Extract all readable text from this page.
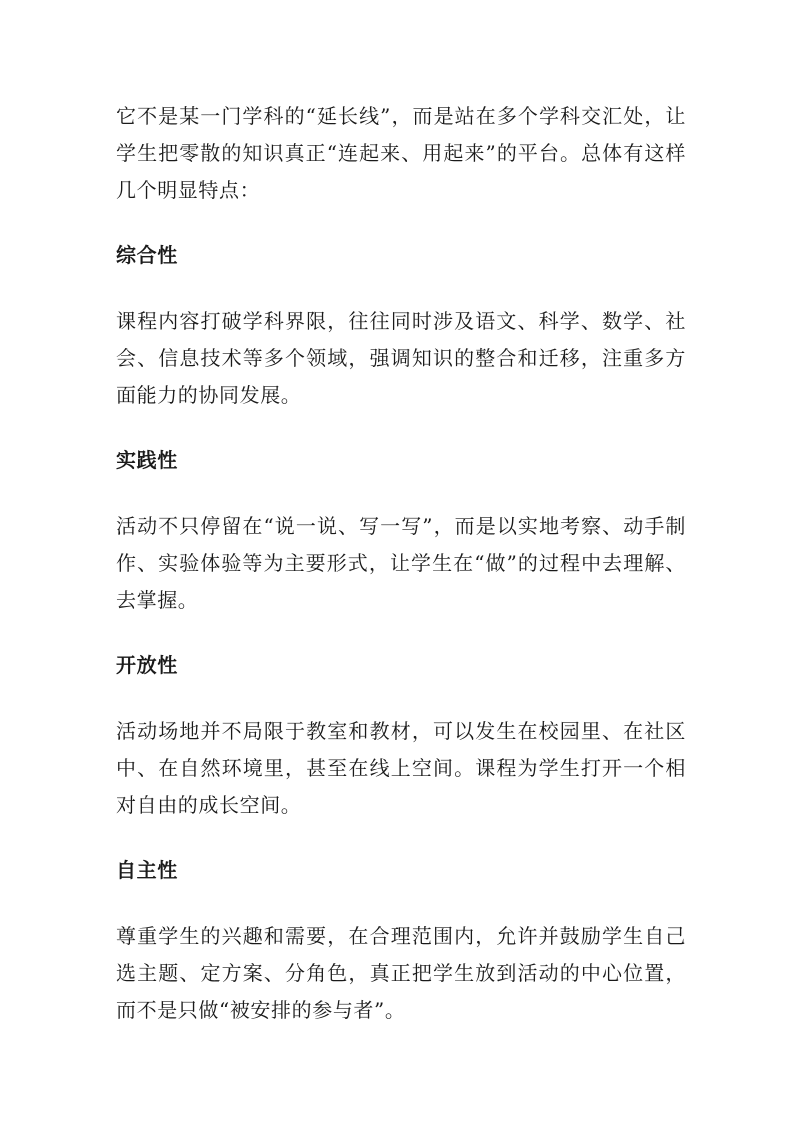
它不是某一门学科的“延长线”，而是站在多个学科交汇处，让学生把零散的知识真正“连起来、用起来”的平台。总体有这样几个明显特点：

综合性

课程内容打破学科界限，往往同时涉及语文、科学、数学、社会、信息技术等多个领域，强调知识的整合和迁移，注重多方面能力的协同发展。

实践性

活动不只停留在“说一说、写一写”，而是以实地考察、动手制作、实验体验等为主要形式，让学生在“做”的过程中去理解、去掌握。

开放性

活动场地并不局限于教室和教材，可以发生在校园里、在社区中、在自然环境里，甚至在线上空间。课程为学生打开一个相对自由的成长空间。

自主性

尊重学生的兴趣和需要，在合理范围内，允许并鼓励学生自己选主题、定方案、分角色，真正把学生放到活动的中心位置，而不是只做“被安排的参与者”。
